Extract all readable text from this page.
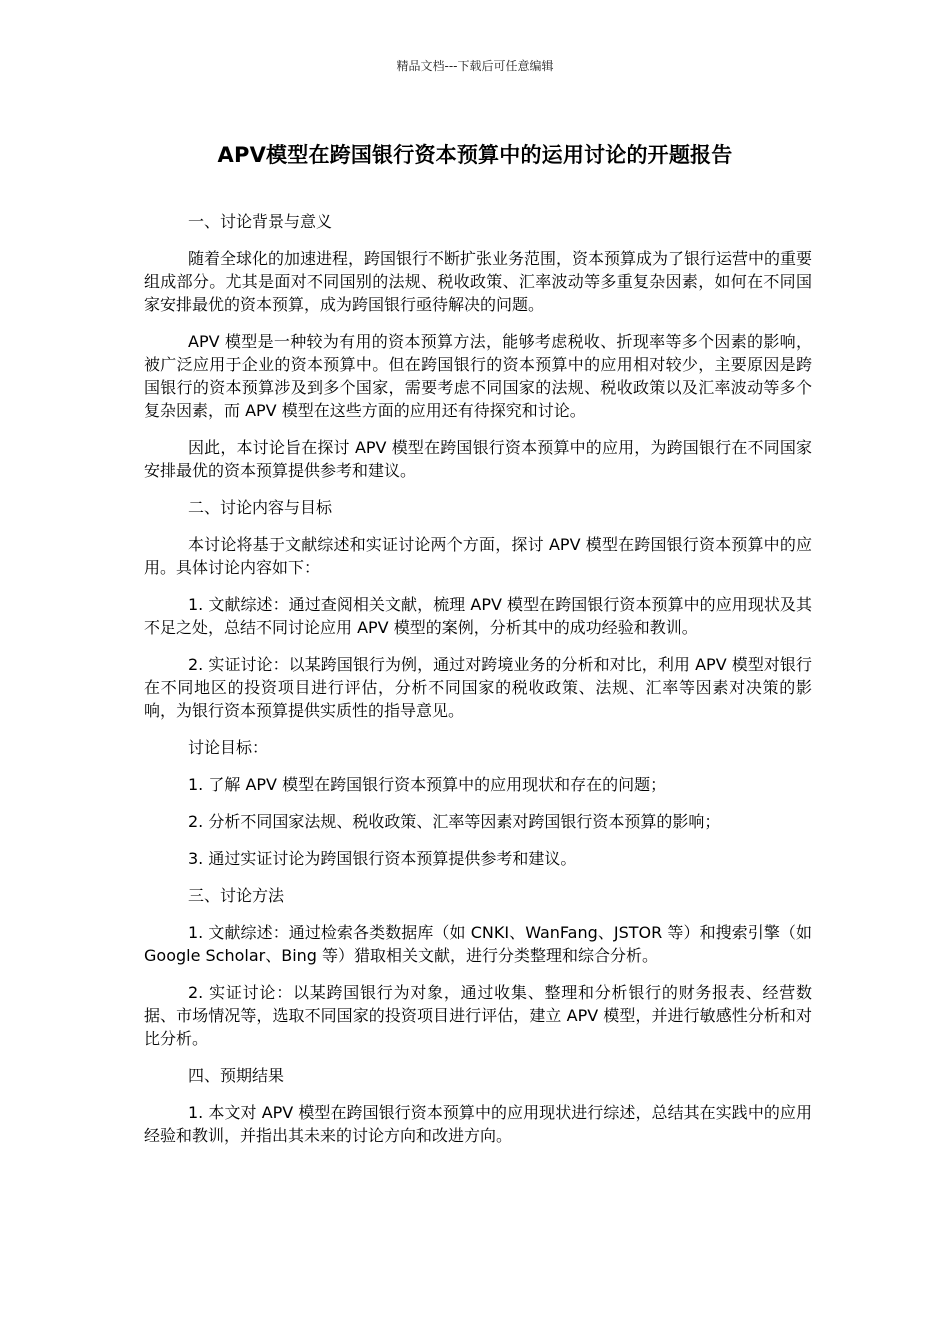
精品文档---下载后可任意编辑
APV模型在跨国银行资本预算中的运用讨论的开题报告
一、讨论背景与意义

随着全球化的加速进程，跨国银行不断扩张业务范围，资本预算成为了银行运营中的重要组成部分。尤其是面对不同国别的法规、税收政策、汇率波动等多重复杂因素，如何在不同国家安排最优的资本预算，成为跨国银行亟待解决的问题。

APV 模型是一种较为有用的资本预算方法，能够考虑税收、折现率等多个因素的影响，被广泛应用于企业的资本预算中。但在跨国银行的资本预算中的应用相对较少，主要原因是跨国银行的资本预算涉及到多个国家，需要考虑不同国家的法规、税收政策以及汇率波动等多个复杂因素，而 APV 模型在这些方面的应用还有待探究和讨论。

因此，本讨论旨在探讨 APV 模型在跨国银行资本预算中的应用，为跨国银行在不同国家安排最优的资本预算提供参考和建议。

二、讨论内容与目标

本讨论将基于文献综述和实证讨论两个方面，探讨 APV 模型在跨国银行资本预算中的应用。具体讨论内容如下：

1. 文献综述：通过查阅相关文献，梳理 APV 模型在跨国银行资本预算中的应用现状及其不足之处，总结不同讨论应用 APV 模型的案例，分析其中的成功经验和教训。

2. 实证讨论：以某跨国银行为例，通过对跨境业务的分析和对比，利用 APV 模型对银行在不同地区的投资项目进行评估，分析不同国家的税收政策、法规、汇率等因素对决策的影响，为银行资本预算提供实质性的指导意见。

讨论目标：

1. 了解 APV 模型在跨国银行资本预算中的应用现状和存在的问题；

2. 分析不同国家法规、税收政策、汇率等因素对跨国银行资本预算的影响；

3. 通过实证讨论为跨国银行资本预算提供参考和建议。

三、讨论方法

1. 文献综述：通过检索各类数据库（如 CNKI、WanFang、JSTOR 等）和搜索引擎（如 Google Scholar、Bing 等）猎取相关文献，进行分类整理和综合分析。

2. 实证讨论：以某跨国银行为对象，通过收集、整理和分析银行的财务报表、经营数据、市场情况等，选取不同国家的投资项目进行评估，建立 APV 模型，并进行敏感性分析和对比分析。

四、预期结果

1. 本文对 APV 模型在跨国银行资本预算中的应用现状进行综述，总结其在实践中的应用经验和教训，并指出其未来的讨论方向和改进方向。
